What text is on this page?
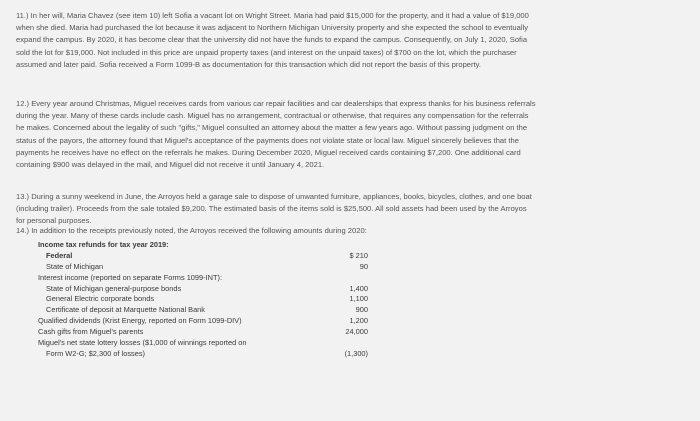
11.) In her will, Maria Chavez (see item 10) left Sofia a vacant lot on Wright Street. Maria had paid $15,000 for the property, and it had a value of $19,000
when she died. Maria had purchased the lot because it was adjacent to Northern Michigan University property and she expected the school to eventually
expand the campus. By 2020, it has become clear that the university did not have the funds to expand the campus. Consequently, on July 1, 2020, Sofia
sold the lot for $19,000. Not included in this price are unpaid property taxes (and interest on the unpaid taxes) of $700 on the lot, which the purchaser
assumed and later paid. Sofia received a Form 1099-B as documentation for this transaction which did not report the basis of this property.
12.) Every year around Christmas, Miguel receives cards from various car repair facilities and car dealerships that express thanks for his business referrals
during the year. Many of these cards include cash. Miguel has no arrangement, contractual or otherwise, that requires any compensation for the referrals
he makes. Concerned about the legality of such "gifts," Miguel consulted an attorney about the matter a few years ago. Without passing judgment on the
status of the payors, the attorney found that Miguel's acceptance of the payments does not violate state or local law. Miguel sincerely believes that the
payments he receives have no effect on the referrals he makes. During December 2020, Miguel received cards containing $7,200. One additional card
containing $900 was delayed in the mail, and Miguel did not receive it until January 4, 2021.
13.) During a sunny weekend in June, the Arroyos held a garage sale to dispose of unwanted furniture, appliances, books, bicycles, clothes, and one boat
(including trailer). Proceeds from the sale totaled $9,200. The estimated basis of the items sold is $25,500. All sold assets had been used by the Arroyos
for personal purposes.
14.) In addition to the receipts previously noted, the Arroyos received the following amounts during 2020:
Income tax refunds for tax year 2019:
Federal	$ 210
State of Michigan	90
Interest income (reported on separate Forms 1099-INT):
State of Michigan general-purpose bonds	1,400
General Electric corporate bonds	1,100
Certificate of deposit at Marquette National Bank	900
Qualified dividends (Krist Energy, reported on Form 1099-DIV)	1,200
Cash gifts from Miguel's parents	24,000
Miguel's net state lottery losses ($1,000 of winnings reported on
Form W2-G; $2,300 of losses)	(1,300)
